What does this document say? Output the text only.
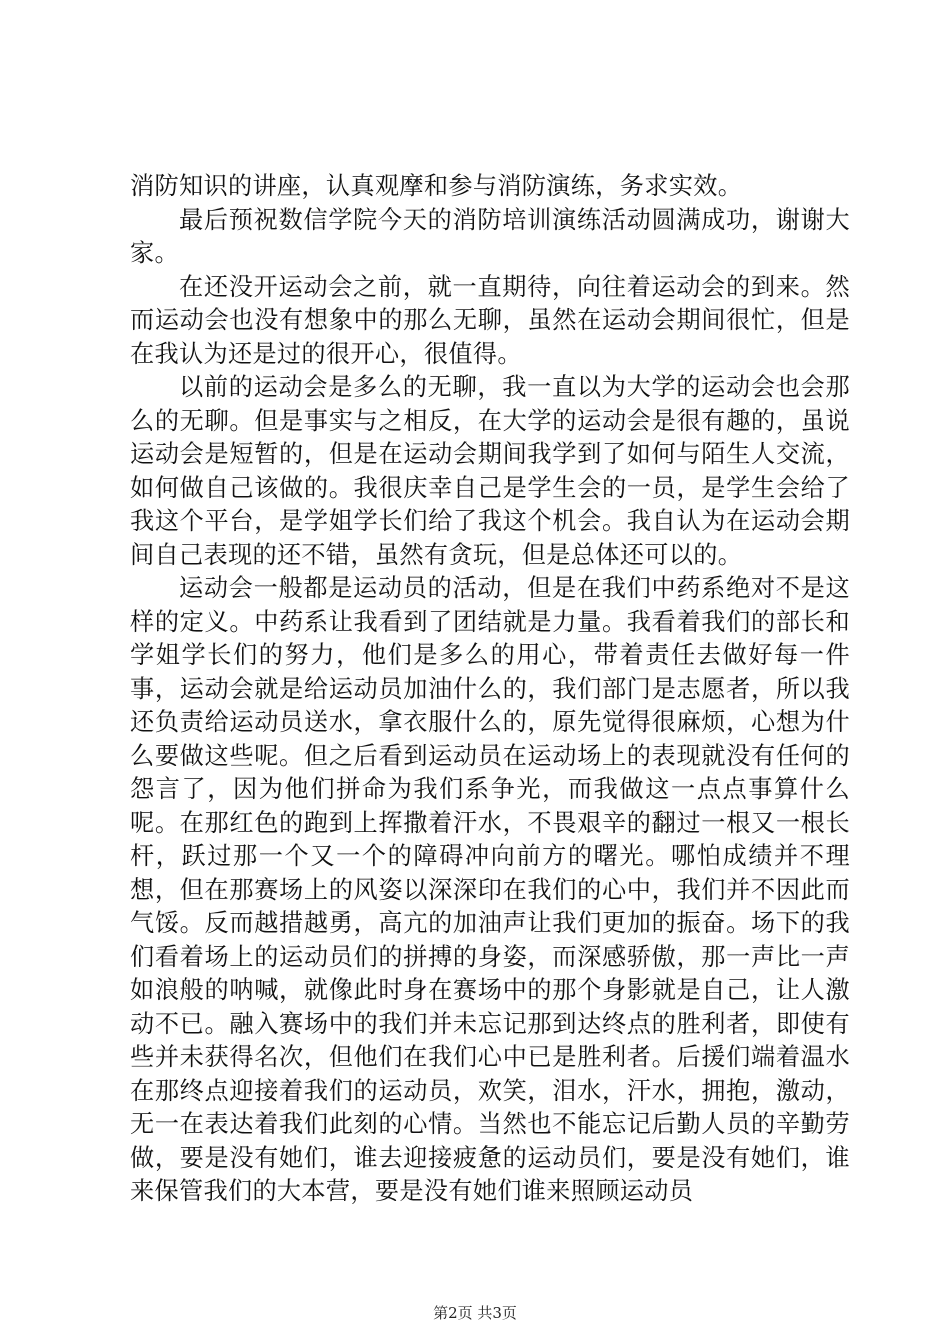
消防知识的讲座，认真观摩和参与消防演练，务求实效。

最后预祝数信学院今天的消防培训演练活动圆满成功，谢谢大家。

在还没开运动会之前，就一直期待，向往着运动会的到来。然而运动会也没有想象中的那么无聊，虽然在运动会期间很忙，但是在我认为还是过的很开心，很值得。

以前的运动会是多么的无聊，我一直以为大学的运动会也会那么的无聊。但是事实与之相反，在大学的运动会是很有趣的，虽说运动会是短暂的，但是在运动会期间我学到了如何与陌生人交流，如何做自己该做的。我很庆幸自己是学生会的一员，是学生会给了我这个平台，是学姐学长们给了我这个机会。我自认为在运动会期间自己表现的还不错，虽然有贪玩，但是总体还可以的。

运动会一般都是运动员的活动，但是在我们中药系绝对不是这样的定义。中药系让我看到了团结就是力量。我看着我们的部长和学姐学长们的努力，他们是多么的用心，带着责任去做好每一件事，运动会就是给运动员加油什么的，我们部门是志愿者，所以我还负责给运动员送水，拿衣服什么的，原先觉得很麻烦，心想为什么要做这些呢。但之后看到运动员在运动场上的表现就没有任何的怨言了，因为他们拼命为我们系争光，而我做这一点点事算什么呢。在那红色的跑到上挥撒着汗水，不畏艰辛的翻过一根又一根长杆，跃过那一个又一个的障碍冲向前方的曙光。哪怕成绩并不理想，但在那赛场上的风姿以深深印在我们的心中，我们并不因此而气馁。反而越措越勇，高亢的加油声让我们更加的振奋。场下的我们看着场上的运动员们的拼搏的身姿，而深感骄傲，那一声比一声如浪般的呐喊，就像此时身在赛场中的那个身影就是自己，让人激动不已。融入赛场中的我们并未忘记那到达终点的胜利者，即使有些并未获得名次，但他们在我们心中已是胜利者。后援们端着温水在那终点迎接着我们的运动员，欢笑，泪水，汗水，拥抱，激动，无一在表达着我们此刻的心情。当然也不能忘记后勤人员的辛勤劳做，要是没有她们，谁去迎接疲惫的运动员们，要是没有她们，谁来保管我们的大本营，要是没有她们谁来照顾运动员

第2页 共3页
